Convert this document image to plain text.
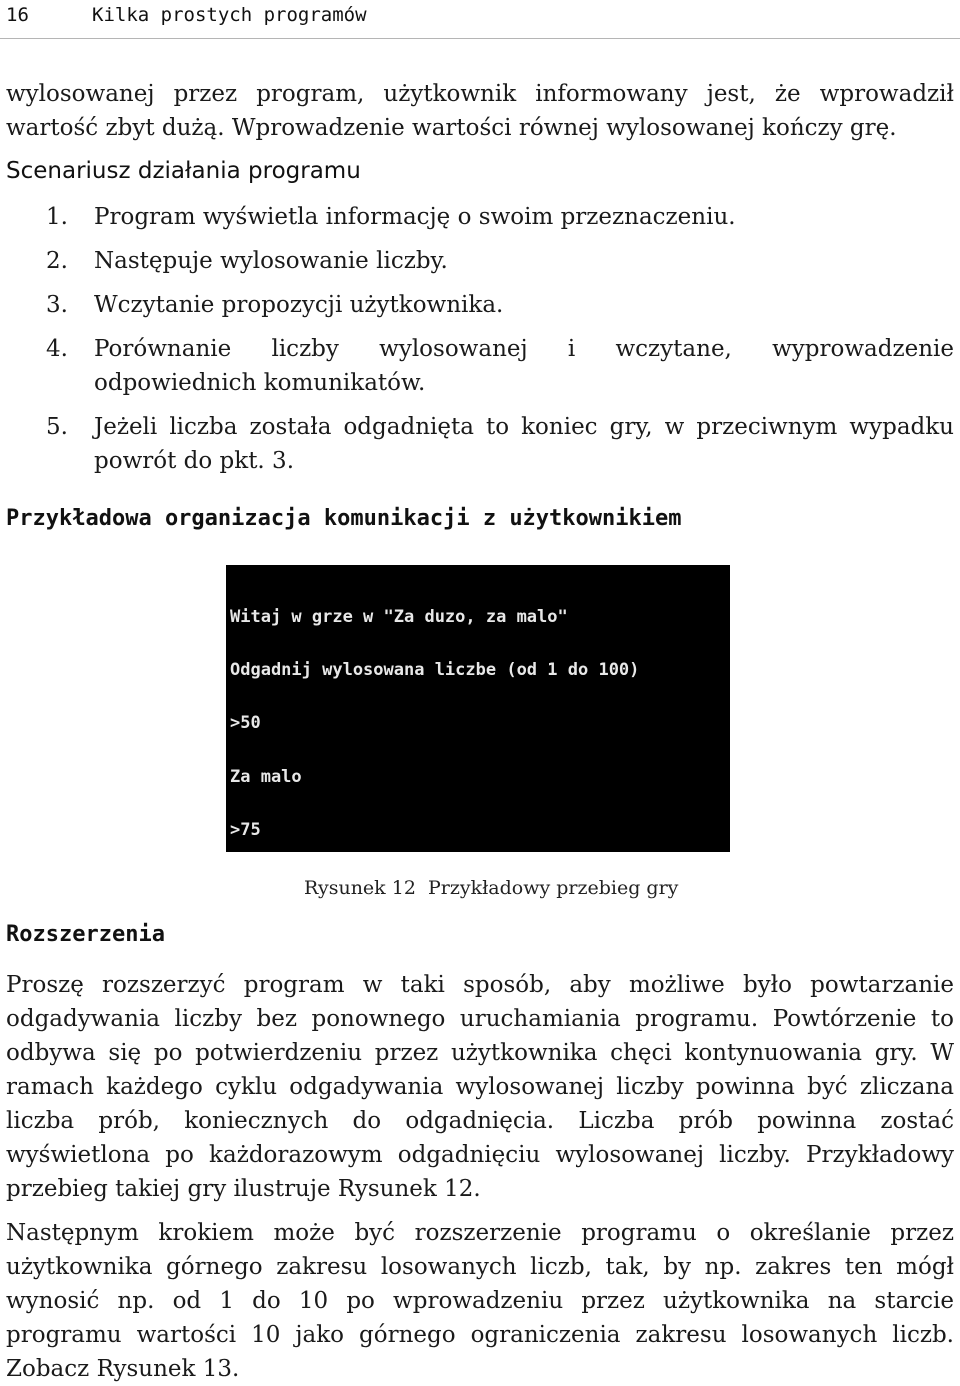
16	Kilka prostych programów
wylosowanej przez program, użytkownik informowany jest, że wprowadził wartość zbyt dużą. Wprowadzenie wartości równej wylosowanej kończy grę.
Scenariusz działania programu
1. Program wyświetla informację o swoim przeznaczeniu.
2. Następuje wylosowanie liczby.
3. Wczytanie propozycji użytkownika.
4. Porównanie liczby wylosowanej i wczytane, wyprowadzenie odpowiednich komunikatów.
5. Jeżeli liczba została odgadnięta to koniec gry, w przeciwnym wypadku powrót do pkt. 3.
Przykładowa organizacja komunikacji z użytkownikiem

Witaj w grze w "Za duzo, za malo"

Odgadnij wylosowana liczbe (od 1 do 100)

>50

Za malo

>75

Rysunek 12  Przykładowy przebieg gry
Rozszerzenia
Proszę rozszerzyć program w taki sposób, aby możliwe było powtarzanie odgadywania liczby bez ponownego uruchamiania programu. Powtórzenie to odbywa się po potwierdzeniu przez użytkownika chęci kontynuowania gry. W ramach każdego cyklu odgadywania wylosowanej liczby powinna być zliczana liczba prób, koniecznych do odgadnięcia. Liczba prób powinna zostać wyświetlona po każdorazowym odgadnięciu wylosowanej liczby. Przykładowy przebieg takiej gry ilustruje Rysunek 12.
Następnym krokiem może być rozszerzenie programu o określanie przez użytkownika górnego zakresu losowanych liczb, tak, by np. zakres ten mógł wynosić np. od 1 do 10 po wprowadzeniu przez użytkownika na starcie programu wartości 10 jako górnego ograniczenia zakresu losowanych liczb. Zobacz Rysunek 13.
